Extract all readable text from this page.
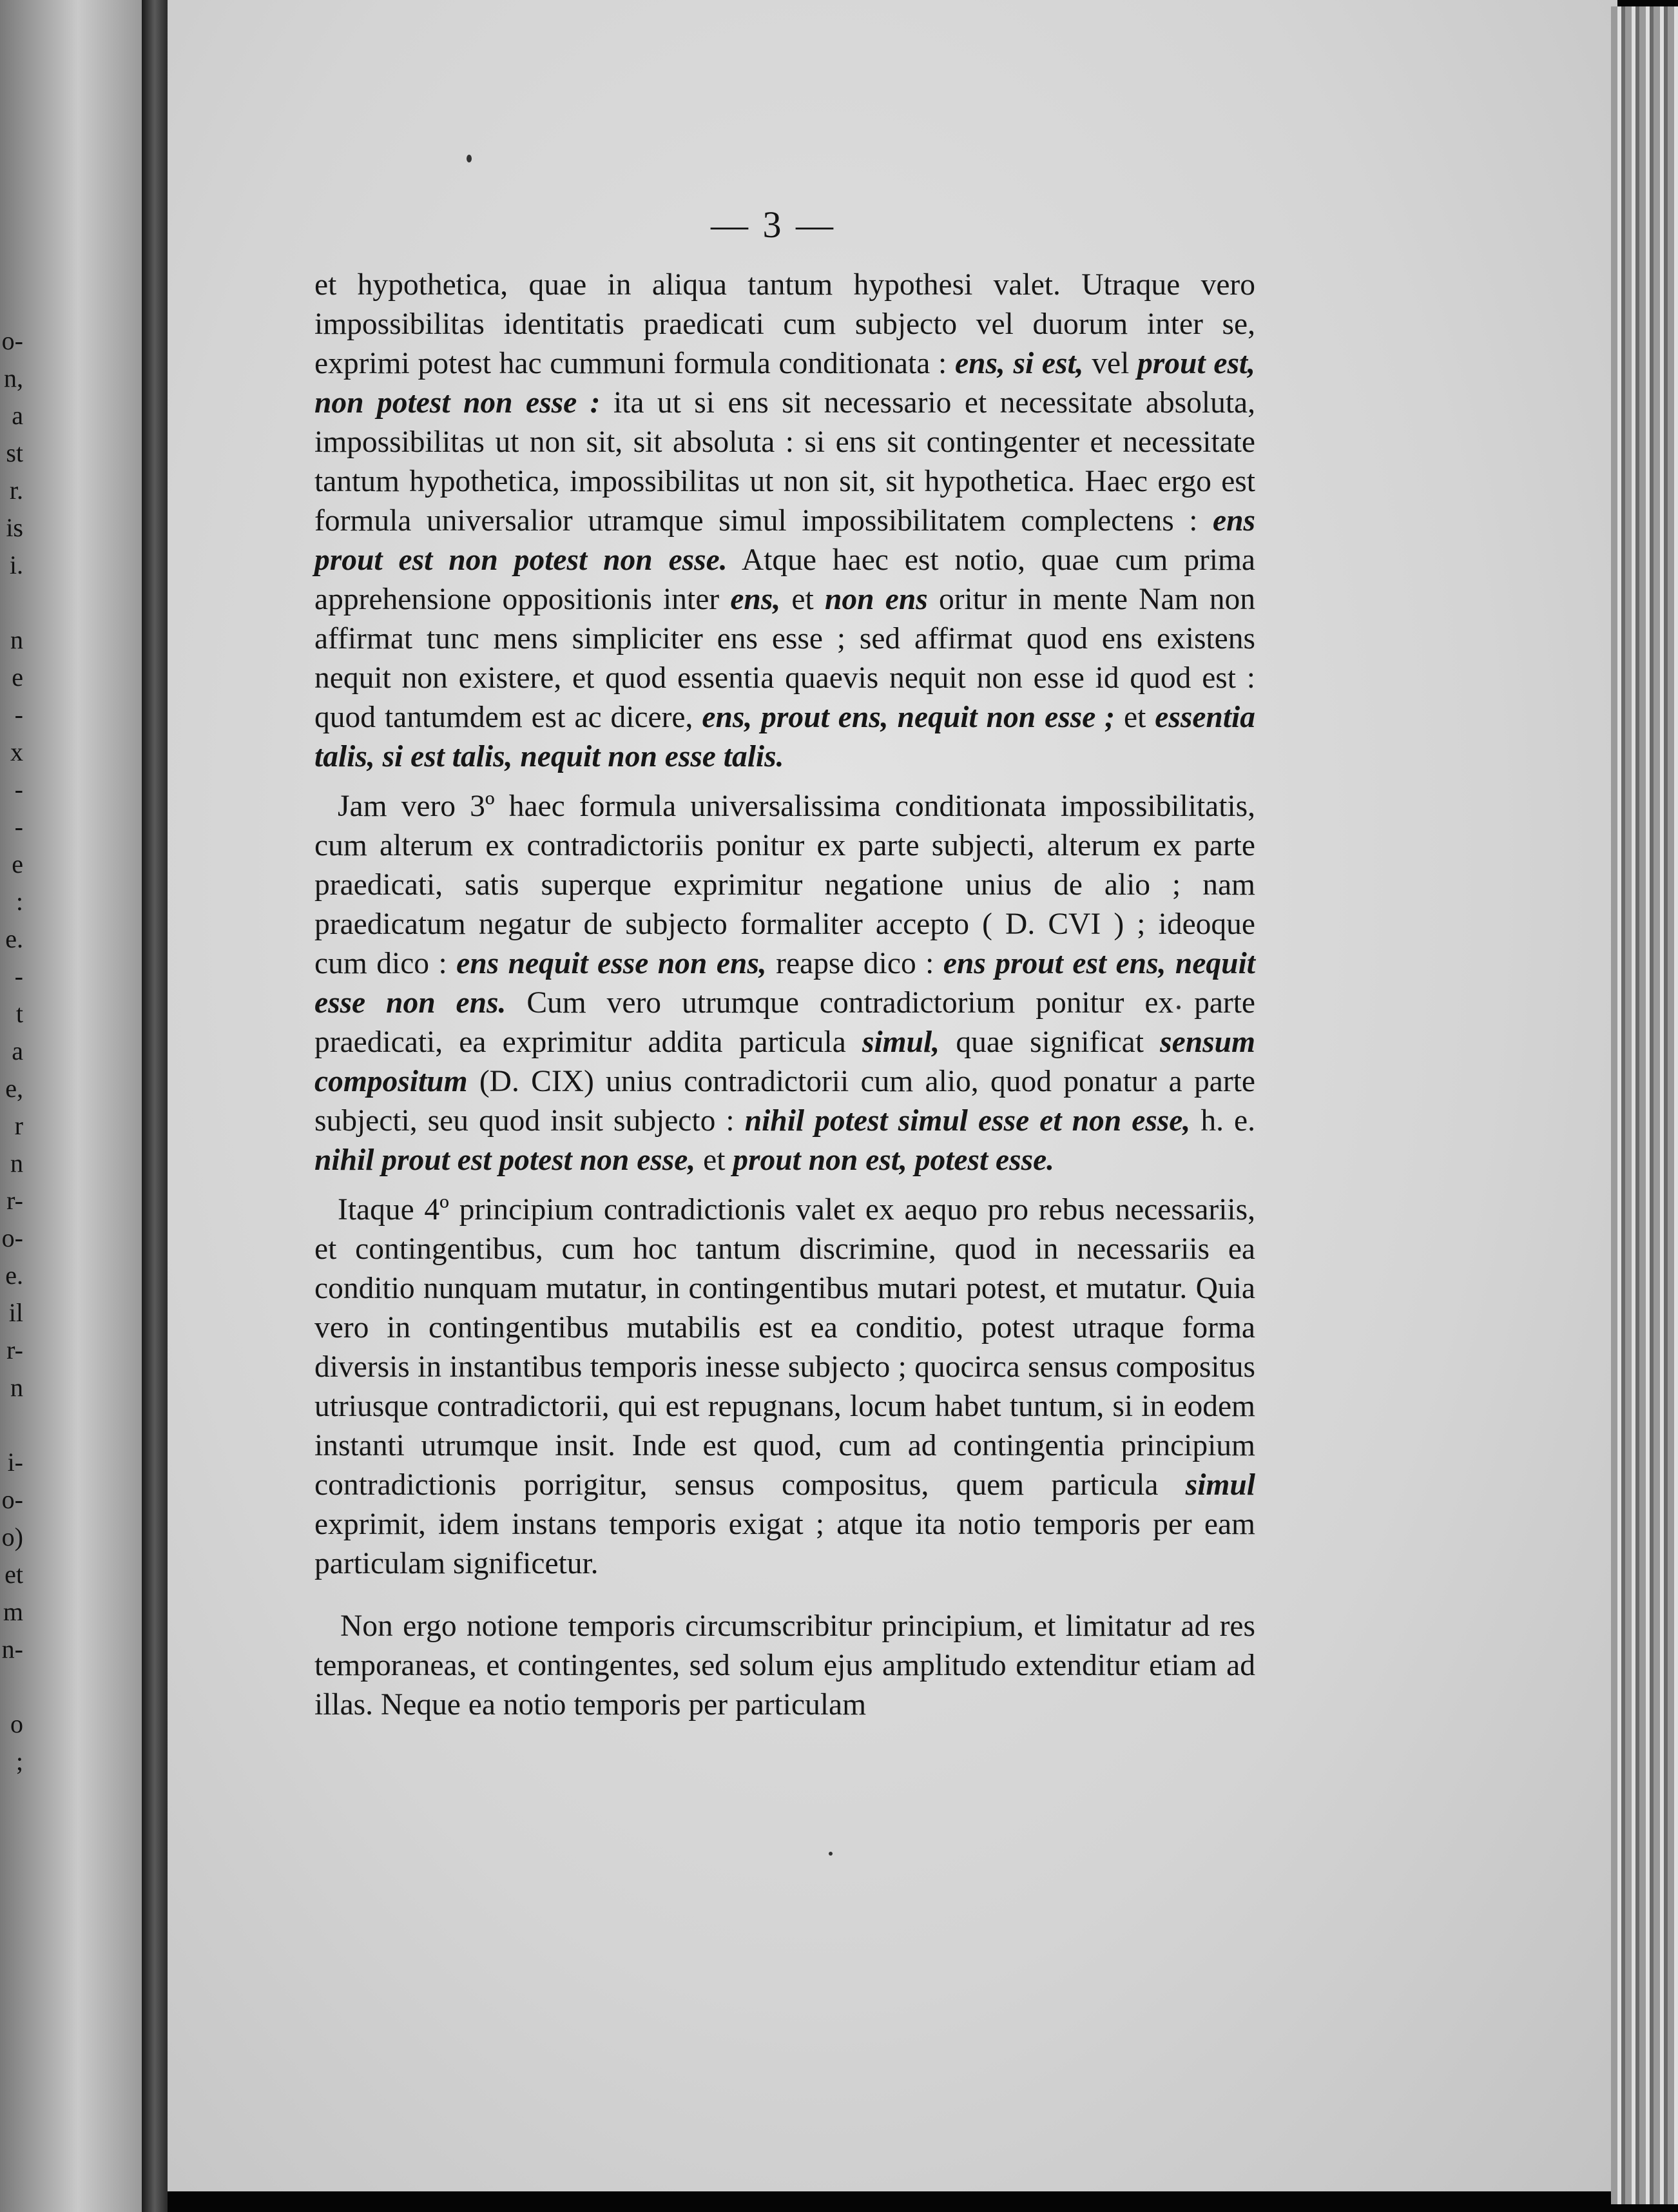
o-
n,
a
st
r.
is
i.
n
e
-
x
-
-
e
:
e.
-
t
a
e,
r
n
r-
o-
e.
il
r-
n
i-
o-
o)
et
m
n-
o
;
— 3 —

et hypothetica, quae in aliqua tantum hypothesi valet. Utraque vero impossibilitas identitatis praedicati cum subjecto vel duorum inter se, exprimi potest hac cummuni formula conditionata : ens, si est, vel prout est, non potest non esse : ita ut si ens sit necessario et necessitate absoluta, impossibilitas ut non sit, sit absoluta : si ens sit contingenter et necessitate tantum hypothetica, impossibilitas ut non sit, sit hypothetica. Haec ergo est formula universalior utramque simul impossibilitatem complectens : ens prout est non potest non esse. Atque haec est notio, quae cum prima apprehensione oppositionis inter ens, et non ens oritur in mente Nam non affirmat tunc mens simpliciter ens esse ; sed affirmat quod ens existens nequit non existere, et quod essentia quaevis nequit non esse id quod est : quod tantumdem est ac dicere, ens, prout ens, nequit non esse ; et essentia talis, si est talis, nequit non esse talis.

Jam vero 3º haec formula universalissima conditionata impossibilitatis, cum alterum ex contradictoriis ponitur ex parte subjecti, alterum ex parte praedicati, satis superque exprimitur negatione unius de alio ; nam praedicatum negatur de subjecto formaliter accepto ( D. CVI ) ; ideoque cum dico : ens nequit esse non ens, reapse dico : ens prout est ens, nequit esse non ens. Cum vero utrumque contradictorium ponitur ex parte praedicati, ea exprimitur addita particula simul, quae significat sensum compositum (D. CIX) unius contradictorii cum alio, quod ponatur a parte subjecti, seu quod insit subjecto : nihil potest simul esse et non esse, h. e. nihil prout est potest non esse, et prout non est, potest esse.

Itaque 4º principium contradictionis valet ex aequo pro rebus necessariis, et contingentibus, cum hoc tantum discrimine, quod in necessariis ea conditio nunquam mutatur, in contingentibus mutari potest, et mutatur. Quia vero in contingentibus mutabilis est ea conditio, potest utraque forma diversis in instantibus temporis inesse subjecto ; quocirca sensus compositus utriusque contradictorii, qui est repugnans, locum habet tuntum, si in eodem instanti utrumque insit. Inde est quod, cum ad contingentia principium contradictionis porrigitur, sensus compositus, quem particula simul exprimit, idem instans temporis exigat ; atque ita notio temporis per eam particulam significetur.

Non ergo notione temporis circumscribitur principium, et limitatur ad res temporaneas, et contingentes, sed solum ejus amplitudo extenditur etiam ad illas. Neque ea notio temporis per particulam
